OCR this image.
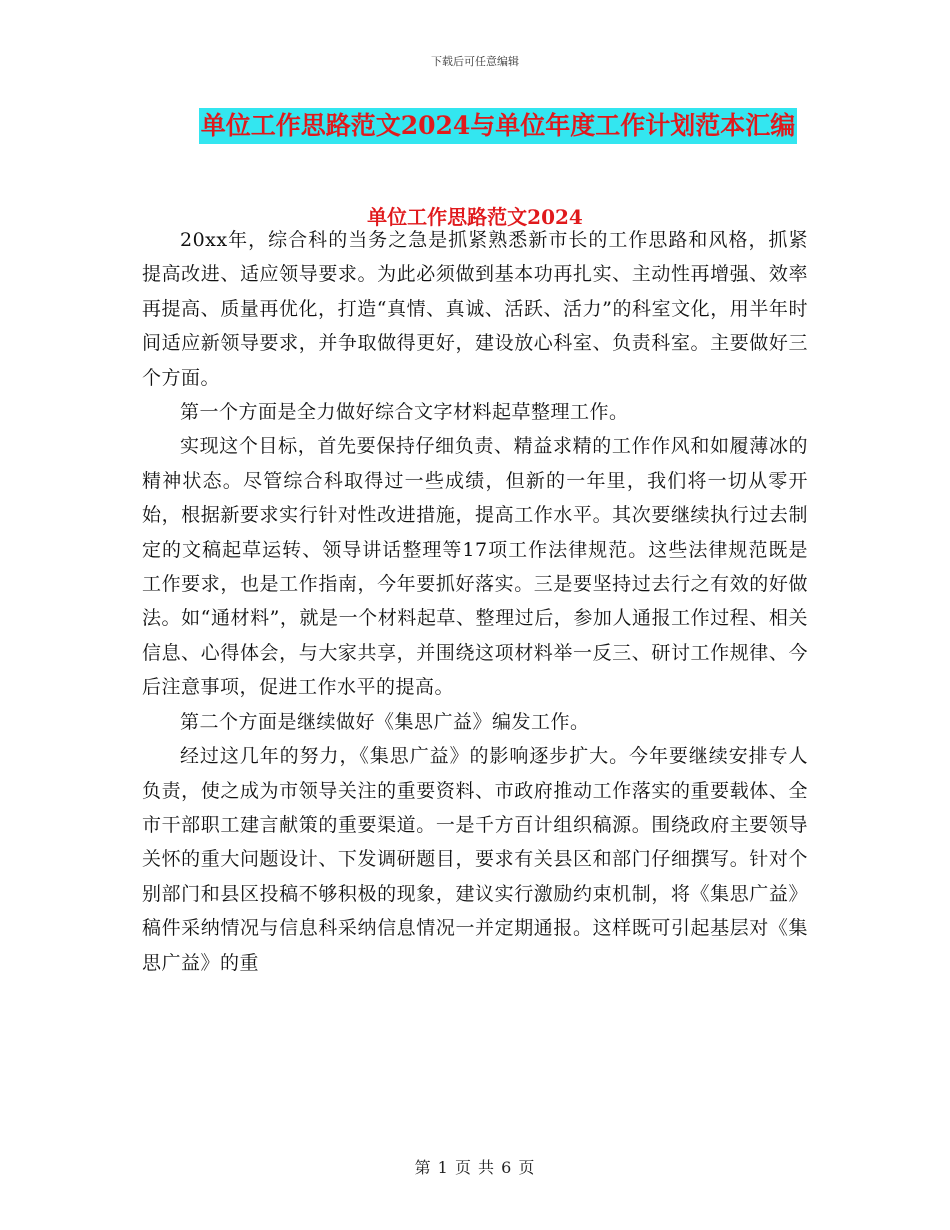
下载后可任意编辑
单位工作思路范文2024与单位年度工作计划范本汇编
单位工作思路范文2024

20xx年，综合科的当务之急是抓紧熟悉新市长的工作思路和风格，抓紧提高改进、适应领导要求。为此必须做到基本功再扎实、主动性再增强、效率再提高、质量再优化，打造“真情、真诚、活跃、活力”的科室文化，用半年时间适应新领导要求，并争取做得更好，建设放心科室、负责科室。主要做好三个方面。

第一个方面是全力做好综合文字材料起草整理工作。

实现这个目标，首先要保持仔细负责、精益求精的工作作风和如履薄冰的精神状态。尽管综合科取得过一些成绩，但新的一年里，我们将一切从零开始，根据新要求实行针对性改进措施，提高工作水平。其次要继续执行过去制定的文稿起草运转、领导讲话整理等17项工作法律规范。这些法律规范既是工作要求，也是工作指南，今年要抓好落实。三是要坚持过去行之有效的好做法。如“通材料”，就是一个材料起草、整理过后，参加人通报工作过程、相关信息、心得体会，与大家共享，并围绕这项材料举一反三、研讨工作规律、今后注意事项，促进工作水平的提高。

第二个方面是继续做好《集思广益》编发工作。

经过这几年的努力，《集思广益》的影响逐步扩大。今年要继续安排专人负责，使之成为市领导关注的重要资料、市政府推动工作落实的重要载体、全市干部职工建言献策的重要渠道。一是千方百计组织稿源。围绕政府主要领导关怀的重大问题设计、下发调研题目，要求有关县区和部门仔细撰写。针对个别部门和县区投稿不够积极的现象，建议实行激励约束机制，将《集思广益》稿件采纳情况与信息科采纳信息情况一并定期通报。这样既可引起基层对《集思广益》的重

第 1 页 共 6 页
